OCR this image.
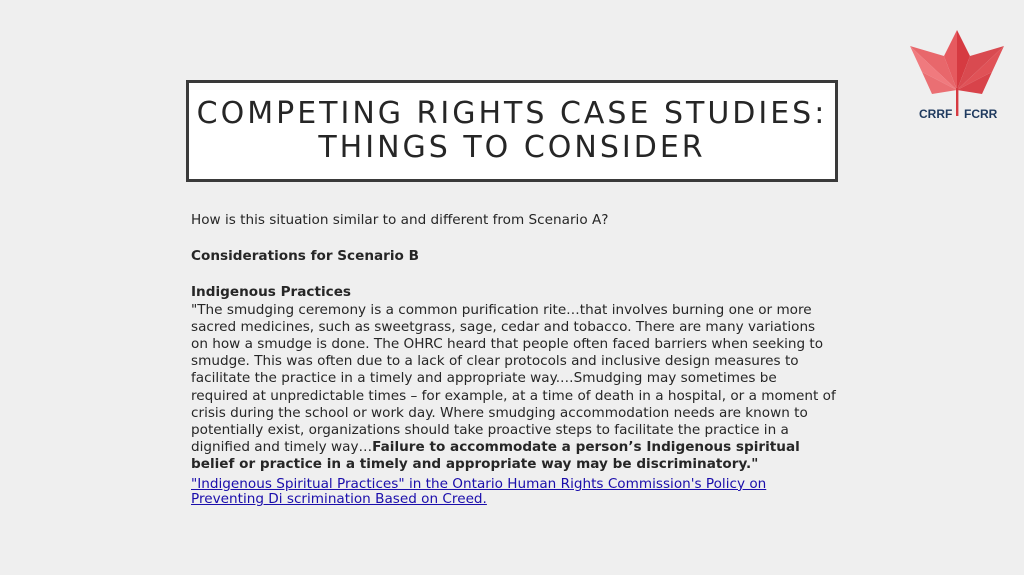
COMPETING RIGHTS CASE STUDIES:
THINGS TO CONSIDER
CRRF FCRR

How is this situation similar to and different from Scenario A?

Considerations for Scenario B

Indigenous Practices

"The smudging ceremony is a common purification rite…that involves burning one or more sacred medicines, such as sweetgrass, sage, cedar and tobacco. There are many variations on how a smudge is done. The OHRC heard that people often faced barriers when seeking to smudge. This was often due to a lack of clear protocols and inclusive design measures to facilitate the practice in a timely and appropriate way.…Smudging may sometimes be required at unpredictable times – for example, at a time of death in a hospital, or a moment of crisis during the school or work day. Where smudging accommodation needs are known to potentially exist, organizations should take proactive steps to facilitate the practice in a dignified and timely way…Failure to accommodate a person’s Indigenous spiritual belief or practice in a timely and appropriate way may be discriminatory."

"Indigenous Spiritual Practices" in the Ontario Human Rights Commission's Policy on Preventing Di scrimination Based on Creed.
